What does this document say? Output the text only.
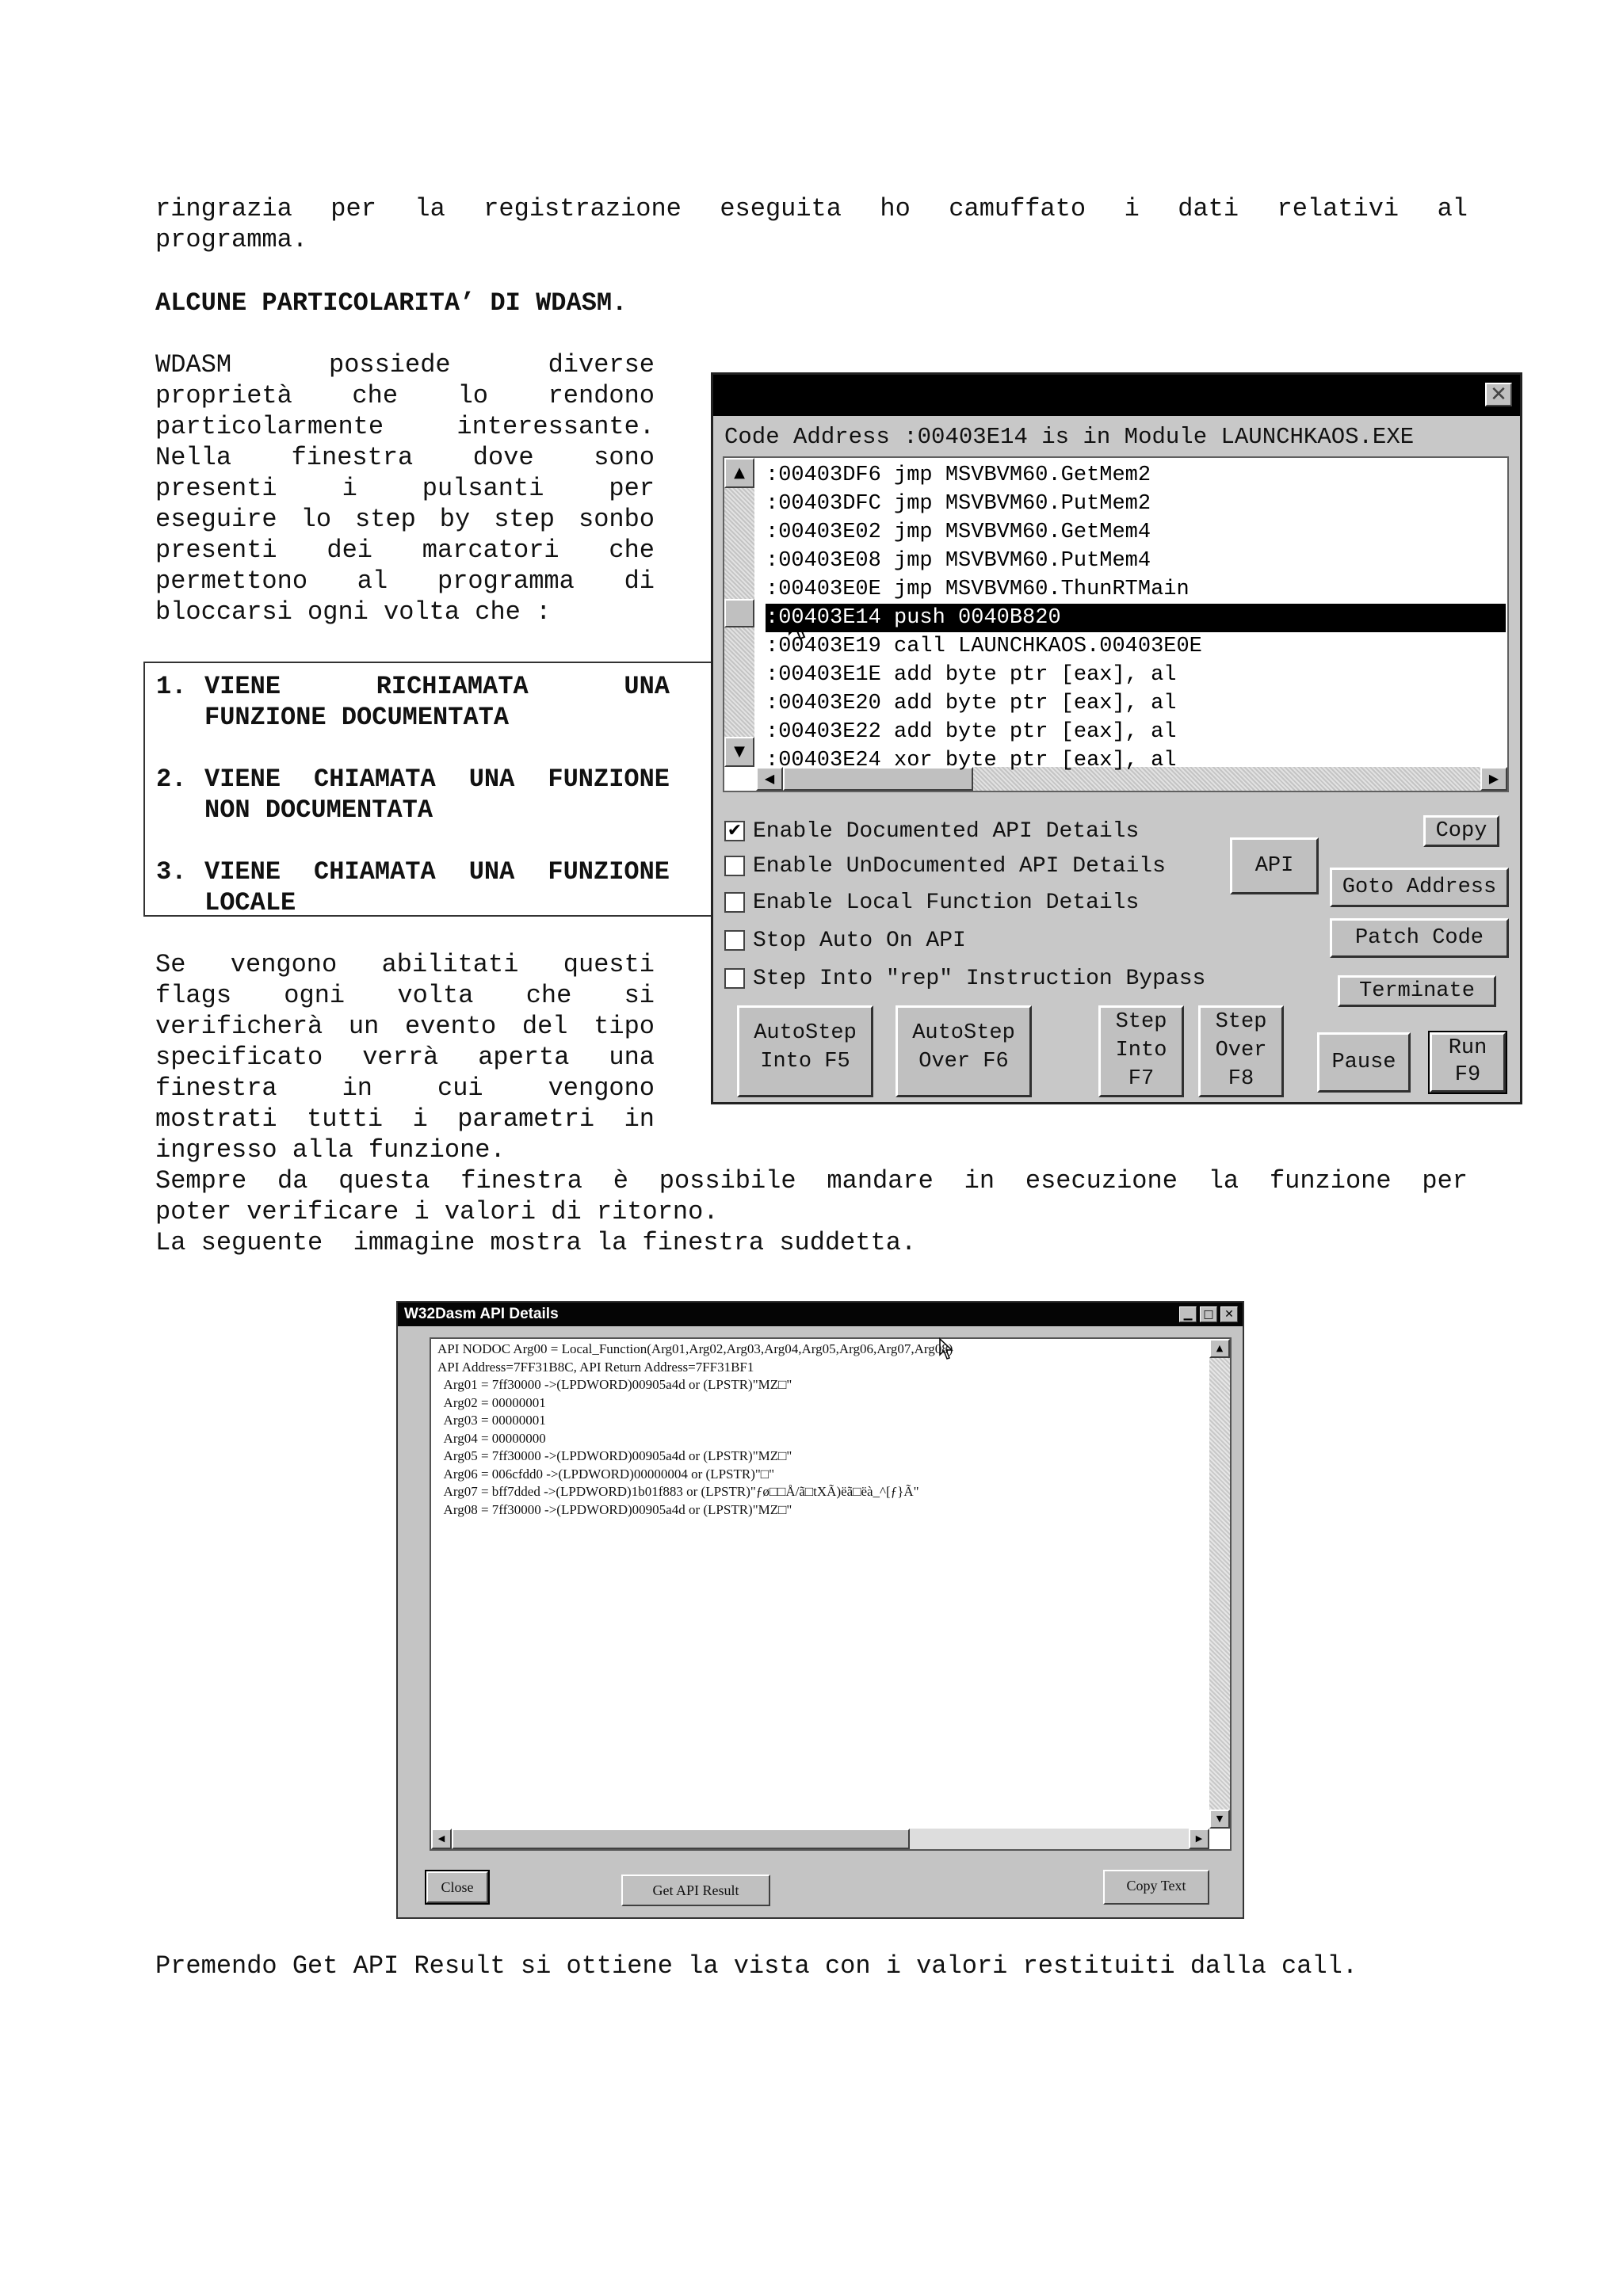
ringrazia per la registrazione eseguita ho camuffato i dati relativi al
programma.
ALCUNE PARTICOLARITA’ DI WDASM.
WDASM possiede diverse
proprietà che lo rendono
particolarmente interessante.
Nella finestra dove sono
presenti i pulsanti per
eseguire lo step by step sonbo
presenti dei marcatori che
permettono al programma di
bloccarsi ogni volta che :
1. VIENE RICHIAMATA UNA
FUNZIONE DOCUMENTATA
2. VIENE CHIAMATA UNA FUNZIONE
NON DOCUMENTATA
3. VIENE CHIAMATA UNA FUNZIONE
LOCALE
Se vengono abilitati questi
flags ogni volta che si
verificherà un evento del tipo
specificato verrà aperta una
finestra in cui vengono
mostrati tutti i parametri in
ingresso alla funzione.
Sempre da questa finestra è possibile mandare in esecuzione la funzione per
poter verificare i valori di ritorno.
La seguente  immagine mostra la finestra suddetta.
✕
Code Address :00403E14 is in Module LAUNCHKAOS.EXE
▲
▼
◀	▶
:00403DF6 jmp MSVBVM60.GetMem2
:00403DFC jmp MSVBVM60.PutMem2
:00403E02 jmp MSVBVM60.GetMem4
:00403E08 jmp MSVBVM60.PutMem4
:00403E0E jmp MSVBVM60.ThunRTMain
:00403E14 push 0040B820
:00403E19 call LAUNCHKAOS.00403E0E
:00403E1E add byte ptr [eax], al
:00403E20 add byte ptr [eax], al
:00403E22 add byte ptr [eax], al
:00403E24 xor byte ptr [eax], al
✔ Enable Documented API Details
Enable UnDocumented API Details
Enable Local Function Details
Stop Auto On API
Step Into "rep" Instruction Bypass
Copy
API
Goto Address
Patch Code
Terminate
AutoStep
Into F5
AutoStep
Over F6
Step
Into
F7
Step
Over
F8
Pause
Run
F9
W32Dasm API Details	▁ □ ✕
▲
▼
◀	▶
API NODOC Arg00 = Local_Function(Arg01,Arg02,Arg03,Arg04,Arg05,Arg06,Arg07,Arg08)
API Address=7FF31B8C, API Return Address=7FF31BF1
Arg01 = 7ff30000 ->(LPDWORD)00905a4d or (LPSTR)"MZ□"
Arg02 = 00000001
Arg03 = 00000001
Arg04 = 00000000
Arg05 = 7ff30000 ->(LPDWORD)00905a4d or (LPSTR)"MZ□"
Arg06 = 006cfdd0 ->(LPDWORD)00000004 or (LPSTR)"□"
Arg07 = bff7dded ->(LPDWORD)1b01f883 or (LPSTR)"ƒø□□Å/ã□tXÃ)ëã□ëà_^[ƒ}Ã"
Arg08 = 7ff30000 ->(LPDWORD)00905a4d or (LPSTR)"MZ□"
Close	Get API Result	Copy Text
Premendo Get API Result si ottiene la vista con i valori restituiti dalla call.
